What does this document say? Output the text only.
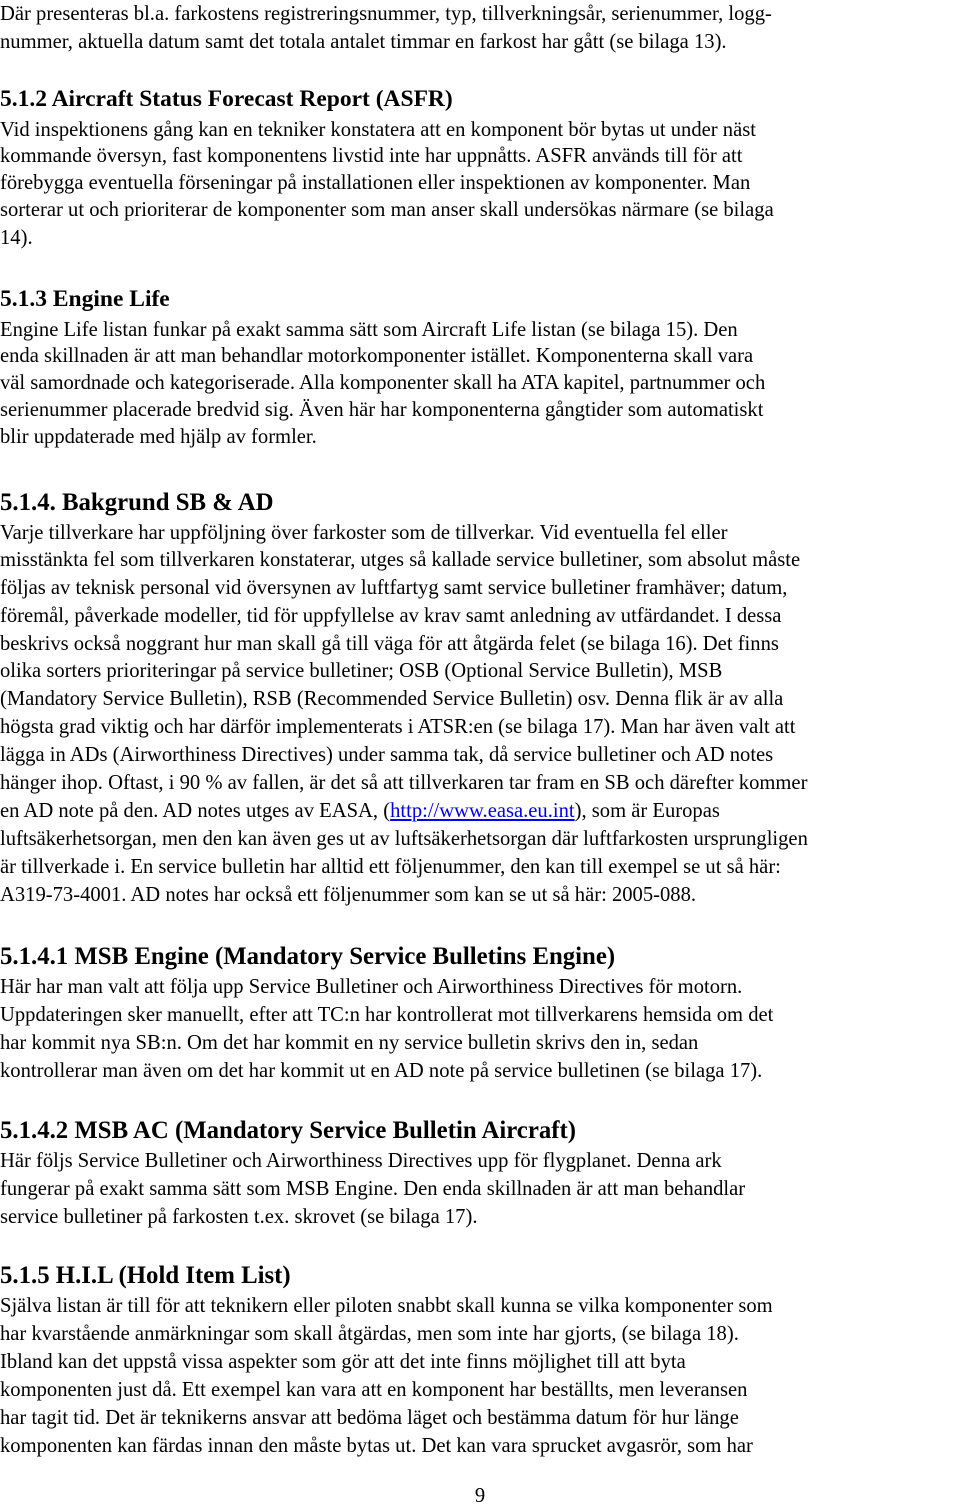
Där presenteras bl.a. farkostens registreringsnummer, typ, tillverkningsår, serienummer, logg-
nummer, aktuella datum samt det totala antalet timmar en farkost har gått (se bilaga 13).
5.1.2 Aircraft Status Forecast Report (ASFR)
Vid inspektionens gång kan en tekniker konstatera att en komponent bör bytas ut under näst
kommande översyn, fast komponentens livstid inte har uppnåtts. ASFR används till för att
förebygga eventuella förseningar på installationen eller inspektionen av komponenter. Man
sorterar ut och prioriterar de komponenter som man anser skall undersökas närmare (se bilaga
14).
5.1.3 Engine Life
Engine Life listan funkar på exakt samma sätt som Aircraft Life listan (se bilaga 15). Den
enda skillnaden är att man behandlar motorkomponenter istället. Komponenterna skall vara
väl samordnade och kategoriserade. Alla komponenter skall ha ATA kapitel, partnummer och
serienummer placerade bredvid sig. Även här har komponenterna gångtider som automatiskt
blir uppdaterade med hjälp av formler.
5.1.4. Bakgrund SB & AD
Varje tillverkare har uppföljning över farkoster som de tillverkar. Vid eventuella fel eller
misstänkta fel som tillverkaren konstaterar, utges så kallade service bulletiner, som absolut måste
följas av teknisk personal vid översynen av luftfartyg samt service bulletiner framhäver; datum,
föremål, påverkade modeller, tid för uppfyllelse av krav samt anledning av utfärdandet. I dessa
beskrivs också noggrant hur man skall gå till väga för att åtgärda felet (se bilaga 16). Det finns
olika sorters prioriteringar på service bulletiner; OSB (Optional Service Bulletin), MSB
(Mandatory Service Bulletin), RSB (Recommended Service Bulletin) osv. Denna flik är av alla
högsta grad viktig och har därför implementerats i ATSR:en (se bilaga 17). Man har även valt att
lägga in ADs (Airworthiness Directives) under samma tak, då service bulletiner och AD notes
hänger ihop. Oftast, i 90 % av fallen, är det så att tillverkaren tar fram en SB och därefter kommer
en AD note på den. AD notes utges av EASA, (http://www.easa.eu.int), som är Europas
luftsäkerhetsorgan, men den kan även ges ut av luftsäkerhetsorgan där luftfarkosten ursprungligen
är tillverkade i. En service bulletin har alltid ett följenummer, den kan till exempel se ut så här:
A319-73-4001. AD notes har också ett följenummer som kan se ut så här: 2005-088.
5.1.4.1 MSB Engine (Mandatory Service Bulletins Engine)
Här har man valt att följa upp Service Bulletiner och Airworthiness Directives för motorn.
Uppdateringen sker manuellt, efter att TC:n har kontrollerat mot tillverkarens hemsida om det
har kommit nya SB:n. Om det har kommit en ny service bulletin skrivs den in, sedan
kontrollerar man även om det har kommit ut en AD note på service bulletinen (se bilaga 17).
5.1.4.2 MSB AC (Mandatory Service Bulletin Aircraft)
Här följs Service Bulletiner och Airworthiness Directives upp för flygplanet. Denna ark
fungerar på exakt samma sätt som MSB Engine. Den enda skillnaden är att man behandlar
service bulletiner på farkosten t.ex. skrovet (se bilaga 17).
5.1.5 H.I.L (Hold Item List)
Själva listan är till för att teknikern eller piloten snabbt skall kunna se vilka komponenter som
har kvarstående anmärkningar som skall åtgärdas, men som inte har gjorts, (se bilaga 18).
Ibland kan det uppstå vissa aspekter som gör att det inte finns möjlighet till att byta
komponenten just då. Ett exempel kan vara att en komponent har beställts, men leveransen
har tagit tid. Det är teknikerns ansvar att bedöma läget och bestämma datum för hur länge
komponenten kan färdas innan den måste bytas ut. Det kan vara sprucket avgasrör, som har
9
